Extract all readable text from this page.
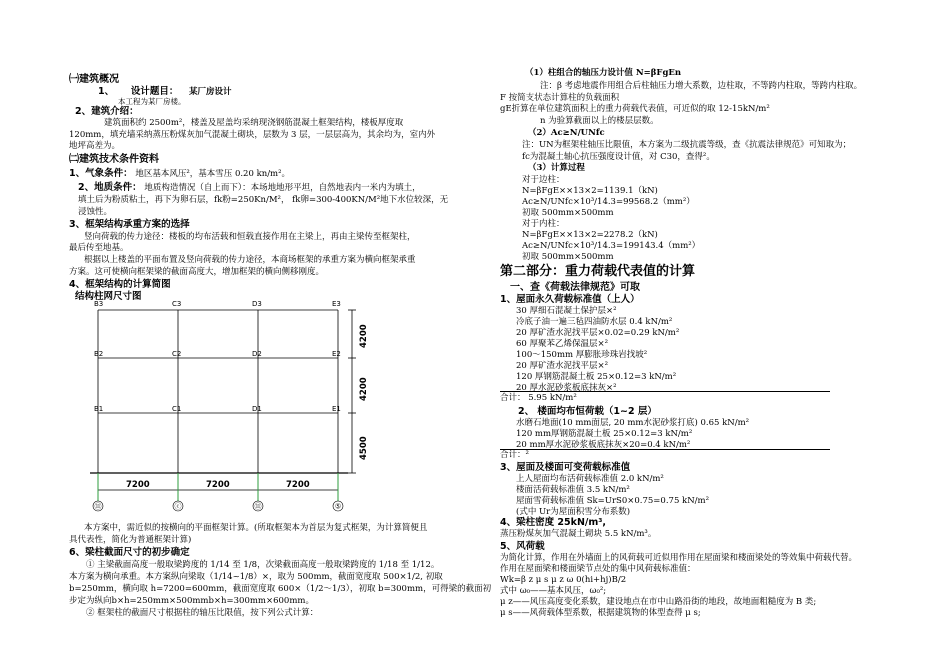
㈠建筑概况
1、 设计题目： 某厂房设计
本工程为某厂房楼。
2、建筑介绍：
建筑面积约 2500m²，楼盖及屋盖均采纳现浇钢筋混凝土框架结构，楼板厚度取
120mm，填充墙采纳蒸压粉煤灰加气混凝土砌块，层数为 3 层，一层层高为，其余均为，室内外
地坪高差为。
㈡建筑技术条件资料
1、气象条件： 地区基本风压²，基本雪压 0.20 kn/m²。
2、地质条件： 地质构造情况（自上而下）：本场地地形平坦，自然地表内一米内为填土，
填土后为粉质粘土，再下为卵石层，fk粉=250Kn/M²， fk卵=300-400KN/M²地下水位较深，无
浸蚀性。
3、框架结构承重方案的选择
竖向荷载的传力途径：楼板的均布活载和恒载直接作用在主梁上，再由主梁传至框架柱，
最后传至地基。
根据以上楼盖的平面布置及竖向荷载的传力途径，本商场框架的承重方案为横向框架承重
方案。这可使横向框架梁的截面高度大，增加框架的横向侧移刚度。
4、框架结构的计算简图
结构柱网尺寸图
B3	C3	D3	E3
B2	C2	D2	E2
B1	C1	D1	E1
7200	7200	7200
4200
4200
4500
⑪	ⓒ	⑪	⑤
本方案中，需近似的按横向的平面框架计算。(所取框架本为首层为复式框架，为计算简便且
具代表性，简化为普通框架计算)
6、梁柱截面尺寸的初步确定
① 主梁截面高度一般取梁跨度的 1/14 至 1/8，次梁截面高度一般取梁跨度的 1/18 至 1/12。
本方案为横向承重。本方案纵向梁取（1/14~1/8）×，取为 500mm，截面宽度取 500×1/2, 初取
b=250mm，横向取 h=7200=600mm，截面宽度取 600×（1/2～1/3），初取 b=300mm，可得梁的截面初
步定为纵向b×h=250mm×500mmb×h=300mm×600mm。
② 框架柱的截面尺寸根据柱的轴压比限值，按下列公式计算：
（1）柱组合的轴压力设计值 N=βFgEn
注：β 考虑地震作用组合后柱轴压力增大系数，边柱取，不等跨内柱取，等跨内柱取。
F 按简支状态计算柱的负载面积
gE折算在单位建筑面积上的重力荷载代表值，可近似的取 12-15kN/m²
n 为验算截面以上的楼层层数。
（2）Ac≥N/UNfc
注：UN为框架柱轴压比限值，本方案为二级抗震等级，查《抗震法律规范》可知取为；
fc为混凝土轴心抗压强度设计值，对 C30，查得²。
（3）计算过程
对于边柱：
N=βFgE××13×2=1139.1（kN)
Ac≥N/UNfc×10³/14.3=99568.2（mm²）
初取 500mm×500mm
对于内柱：
N=βFgE××13×2=2278.2（kN)
Ac≥N/UNfc×10³/14.3=199143.4（mm²）
初取 500mm×500mm
第二部分：重力荷载代表值的计算
一、查《荷载法律规范》可取
1、屋面永久荷载标准值（上人）
30 厚细石混凝土保护层×²
冷底子油一遍三毡四油防水层 0.4 kN/m²
20 厚矿渣水泥找平层×0.02=0.29 kN/m²
60 厚聚苯乙烯保温层×²
100～150mm 厚膨胀珍珠岩找坡²
20 厚矿渣水泥找平层×²
120 厚钢筋混凝土板 25×0.12=3 kN/m²
20 厚水泥砂浆板底抹灰×²
合计： 5.95 kN/m²
2、 楼面均布恒荷载（1~2 层）
水磨石地面(10 mm面层, 20 mm水泥砂浆打底) 0.65 kN/m²
120 mm厚钢筋混凝土板 25×0.12=3 kN/m²
20 mm厚水泥砂浆板底抹灰×20=0.4 kN/m²
合计：²
3、屋面及楼面可变荷载标准值
上人屋面均布活荷载标准值 2.0 kN/m²
楼面活荷载标准值 3.5 kN/m²
屋面雪荷载标准值 Sk=UrS0×0.75=0.75 kN/m²
(式中 Ur为屋面积雪分布系数)
4、梁柱密度 25kN/m³,
蒸压粉煤灰加气混凝土砌块 5.5 kN/m³。
5、风荷载
为简化计算，作用在外墙面上的风荷载可近似用作用在屋面梁和楼面梁处的等效集中荷载代替。
作用在屋面梁和楼面梁节点处的集中风荷载标准值：
Wk=β z μ s μ z ω 0(hi+hj)B/2
式中 ω₀——基本风压，ω₀²;
μ z——风压高度变化系数，建设地点在市中山路沿街的地段，故地面粗糙度为 B 类;
μ s——风荷载体型系数，根据建筑物的体型查得 μ s;
